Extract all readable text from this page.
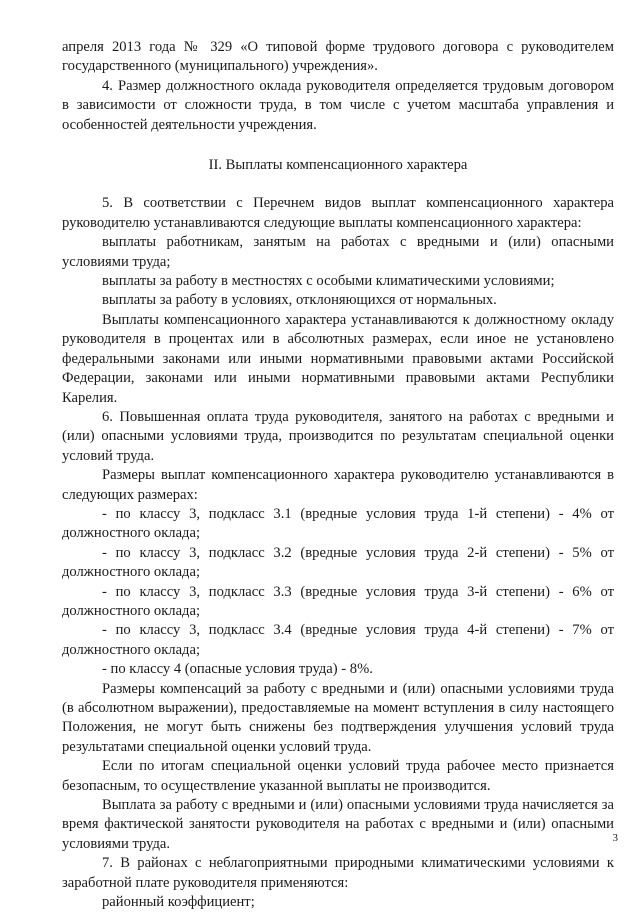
апреля 2013 года № 329 «О типовой форме трудового договора с руководителем государственного (муниципального) учреждения».

4. Размер должностного оклада руководителя определяется трудовым договором в зависимости от сложности труда, в том числе с учетом масштаба управления и особенностей деятельности учреждения.

II. Выплаты компенсационного характера

5. В соответствии с Перечнем видов выплат компенсационного характера руководителю устанавливаются следующие выплаты компенсационного характера:

выплаты работникам, занятым на работах с вредными и (или) опасными условиями труда;

выплаты за работу в местностях с особыми климатическими условиями;

выплаты за работу в условиях, отклоняющихся от нормальных.

Выплаты компенсационного характера устанавливаются к должностному окладу руководителя в процентах или в абсолютных размерах, если иное не установлено федеральными законами или иными нормативными правовыми актами Российской Федерации, законами или иными нормативными правовыми актами Республики Карелия.

6. Повышенная оплата труда руководителя, занятого на работах с вредными и (или) опасными условиями труда, производится по результатам специальной оценки условий труда.

Размеры выплат компенсационного характера руководителю устанавливаются в следующих размерах:

- по классу 3, подкласс 3.1 (вредные условия труда 1-й степени) - 4% от должностного оклада;

- по классу 3, подкласс 3.2 (вредные условия труда 2-й степени) - 5% от должностного оклада;

- по классу 3, подкласс 3.3 (вредные условия труда 3-й степени) - 6% от должностного оклада;

- по классу 3, подкласс 3.4 (вредные условия труда 4-й степени) - 7% от должностного оклада;

- по классу 4 (опасные условия труда) - 8%.

Размеры компенсаций за работу с вредными и (или) опасными условиями труда (в абсолютном выражении), предоставляемые на момент вступления в силу настоящего Положения, не могут быть снижены без подтверждения улучшения условий труда результатами специальной оценки условий труда.

Если по итогам специальной оценки условий труда рабочее место признается безопасным, то осуществление указанной выплаты не производится.

Выплата за работу с вредными и (или) опасными условиями труда начисляется за время фактической занятости руководителя на работах с вредными и (или) опасными условиями труда.

7. В районах с неблагоприятными природными климатическими условиями к заработной плате руководителя применяются:

районный коэффициент;

3
